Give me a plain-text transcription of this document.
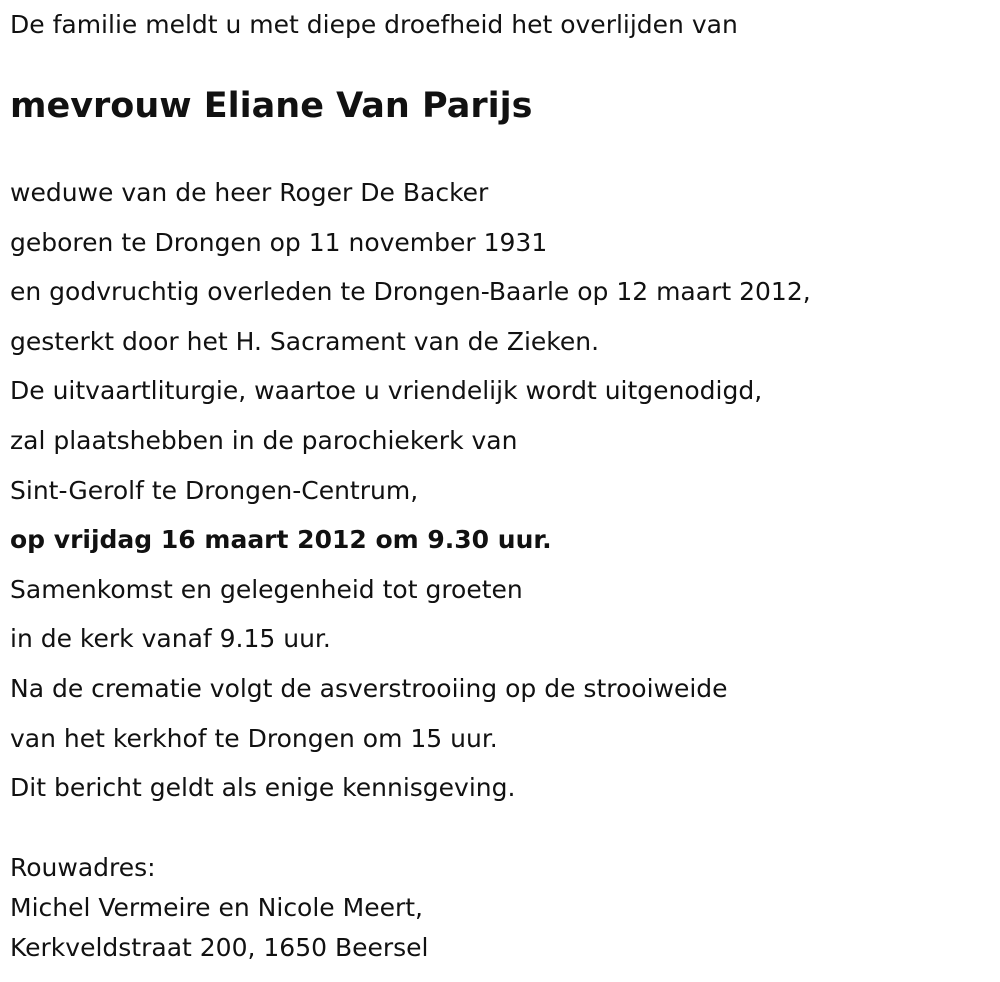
De familie meldt u met diepe droefheid het overlijden van
mevrouw Eliane Van Parijs
weduwe van de heer Roger De Backer
geboren te Drongen op 11 november 1931
en godvruchtig overleden te Drongen-Baarle op 12 maart 2012,
gesterkt door het H. Sacrament van de Zieken.
De uitvaartliturgie, waartoe u vriendelijk wordt uitgenodigd,
zal plaatshebben in de parochiekerk van
Sint-Gerolf te Drongen-Centrum,
op vrijdag 16 maart 2012 om 9.30 uur.
Samenkomst en gelegenheid tot groeten
in de kerk vanaf 9.15 uur.
Na de crematie volgt de asverstrooiing op de strooiweide
van het kerkhof te Drongen om 15 uur.
Dit bericht geldt als enige kennisgeving.
Rouwadres:
Michel Vermeire en Nicole Meert,
Kerkveldstraat 200, 1650 Beersel
